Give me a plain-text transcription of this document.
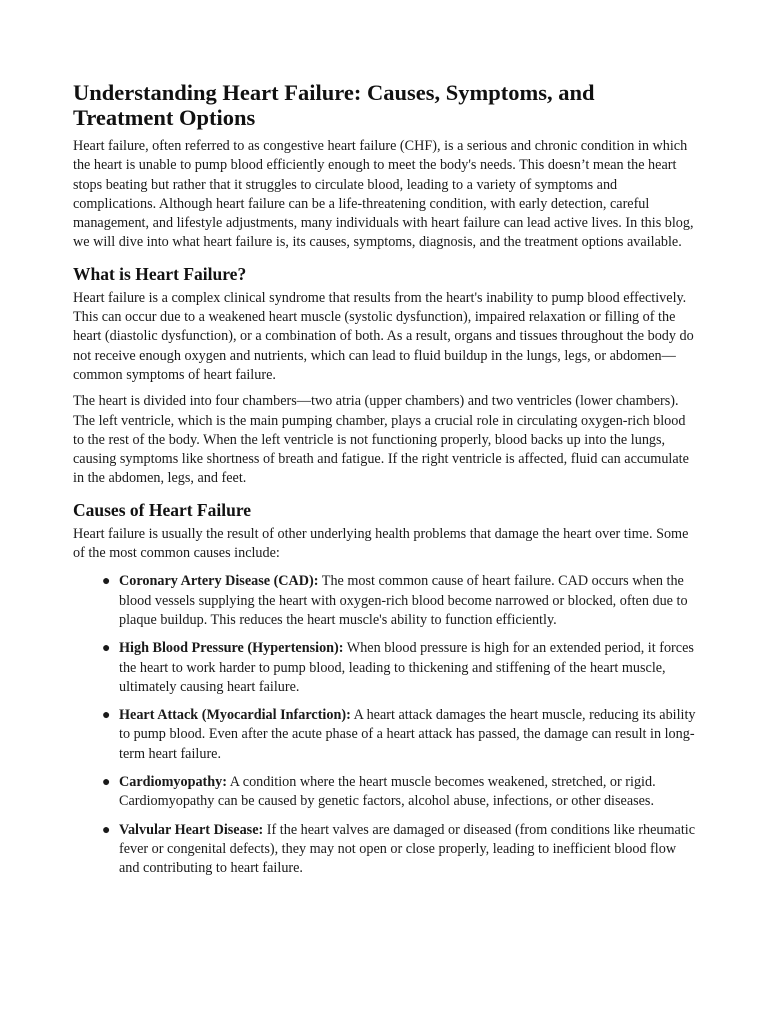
Understanding Heart Failure: Causes, Symptoms, and Treatment Options

Heart failure, often referred to as congestive heart failure (CHF), is a serious and chronic condition in which the heart is unable to pump blood efficiently enough to meet the body's needs. This doesn’t mean the heart stops beating but rather that it struggles to circulate blood, leading to a variety of symptoms and complications. Although heart failure can be a life-threatening condition, with early detection, careful management, and lifestyle adjustments, many individuals with heart failure can lead active lives. In this blog, we will dive into what heart failure is, its causes, symptoms, diagnosis, and the treatment options available.

What is Heart Failure?

Heart failure is a complex clinical syndrome that results from the heart's inability to pump blood effectively. This can occur due to a weakened heart muscle (systolic dysfunction), impaired relaxation or filling of the heart (diastolic dysfunction), or a combination of both. As a result, organs and tissues throughout the body do not receive enough oxygen and nutrients, which can lead to fluid buildup in the lungs, legs, or abdomen—common symptoms of heart failure.

The heart is divided into four chambers—two atria (upper chambers) and two ventricles (lower chambers). The left ventricle, which is the main pumping chamber, plays a crucial role in circulating oxygen-rich blood to the rest of the body. When the left ventricle is not functioning properly, blood backs up into the lungs, causing symptoms like shortness of breath and fatigue. If the right ventricle is affected, fluid can accumulate in the abdomen, legs, and feet.

Causes of Heart Failure

Heart failure is usually the result of other underlying health problems that damage the heart over time. Some of the most common causes include:

● Coronary Artery Disease (CAD): The most common cause of heart failure. CAD occurs when the blood vessels supplying the heart with oxygen-rich blood become narrowed or blocked, often due to plaque buildup. This reduces the heart muscle's ability to function efficiently.
● High Blood Pressure (Hypertension): When blood pressure is high for an extended period, it forces the heart to work harder to pump blood, leading to thickening and stiffening of the heart muscle, ultimately causing heart failure.
● Heart Attack (Myocardial Infarction): A heart attack damages the heart muscle, reducing its ability to pump blood. Even after the acute phase of a heart attack has passed, the damage can result in long-term heart failure.
● Cardiomyopathy: A condition where the heart muscle becomes weakened, stretched, or rigid. Cardiomyopathy can be caused by genetic factors, alcohol abuse, infections, or other diseases.
● Valvular Heart Disease: If the heart valves are damaged or diseased (from conditions like rheumatic fever or congenital defects), they may not open or close properly, leading to inefficient blood flow and contributing to heart failure.
